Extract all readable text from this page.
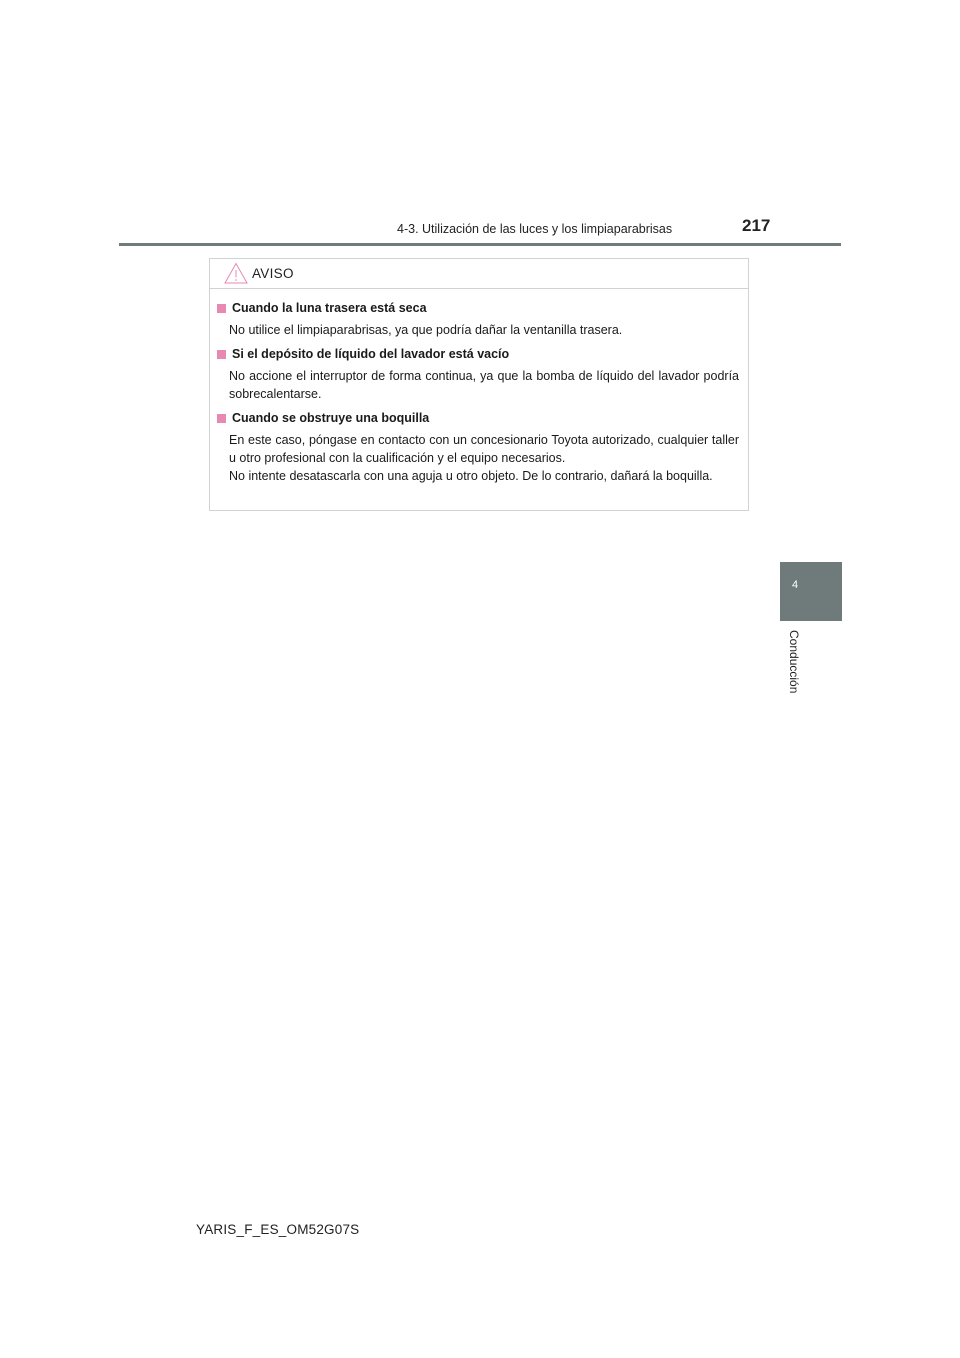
4-3. Utilización de las luces y los limpiaparabrisas	217
4
Conducción
AVISO
Cuando la luna trasera está seca

No utilice el limpiaparabrisas, ya que podría dañar la ventanilla trasera.

Si el depósito de líquido del lavador está vacío

No accione el interruptor de forma continua, ya que la bomba de líquido del lavador podría sobrecalentarse.

Cuando se obstruye una boquilla

En este caso, póngase en contacto con un concesionario Toyota autorizado, cualquier taller u otro profesional con la cualificación y el equipo necesarios.

No intente desatascarla con una aguja u otro objeto. De lo contrario, dañará la boquilla.

YARIS_F_ES_OM52G07S
